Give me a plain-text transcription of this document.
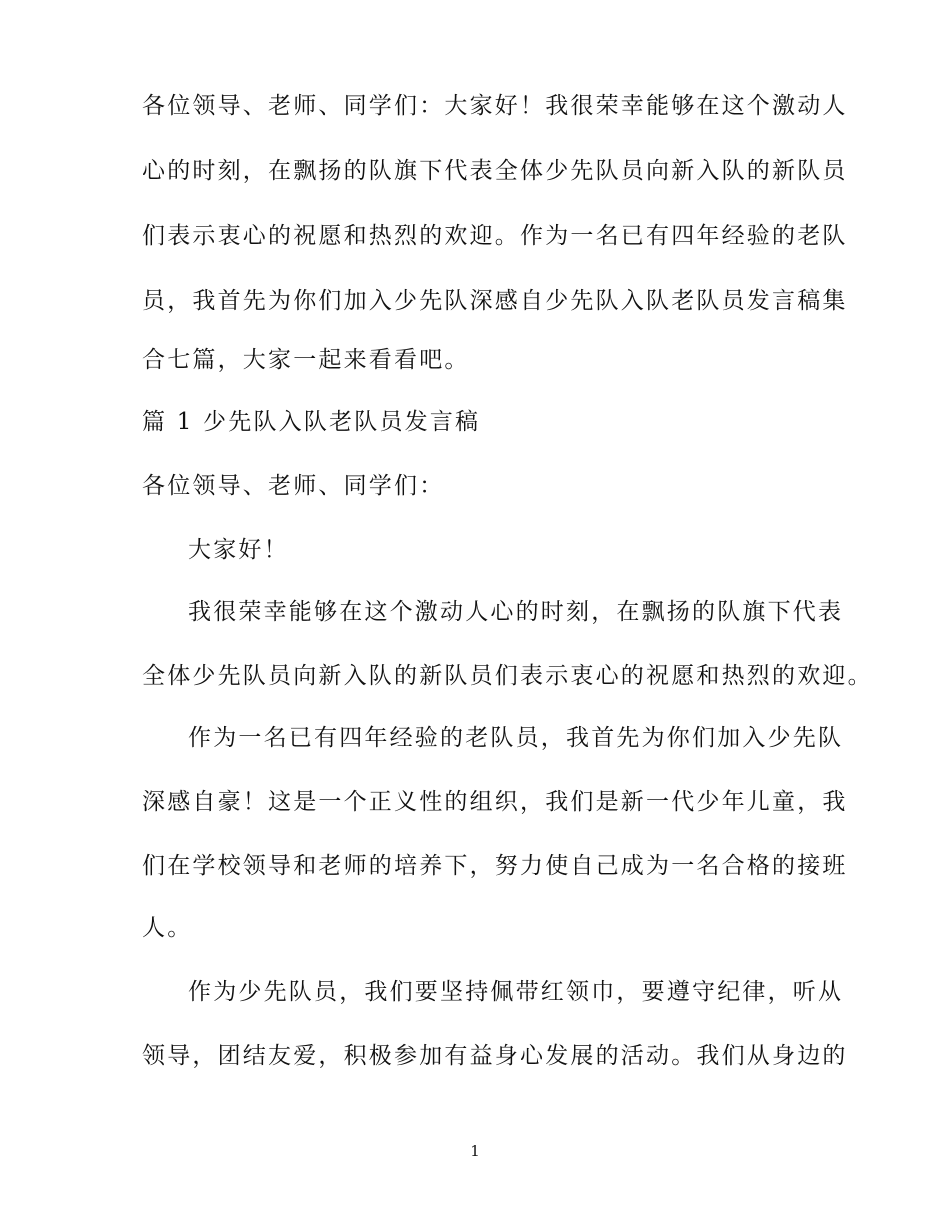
各位领导、老师、同学们：大家好！我很荣幸能够在这个激动人
心的时刻，在飘扬的队旗下代表全体少先队员向新入队的新队员
们表示衷心的祝愿和热烈的欢迎。作为一名已有四年经验的老队
员，我首先为你们加入少先队深感自少先队入队老队员发言稿集
合七篇，大家一起来看看吧。
篇 1 少先队入队老队员发言稿
各位领导、老师、同学们：
大家好！
我很荣幸能够在这个激动人心的时刻，在飘扬的队旗下代表
全体少先队员向新入队的新队员们表示衷心的祝愿和热烈的欢迎。
作为一名已有四年经验的老队员，我首先为你们加入少先队
深感自豪！这是一个正义性的组织，我们是新一代少年儿童，我
们在学校领导和老师的培养下，努力使自己成为一名合格的接班
人。
作为少先队员，我们要坚持佩带红领巾，要遵守纪律，听从
领导，团结友爱，积极参加有益身心发展的活动。我们从身边的
1
